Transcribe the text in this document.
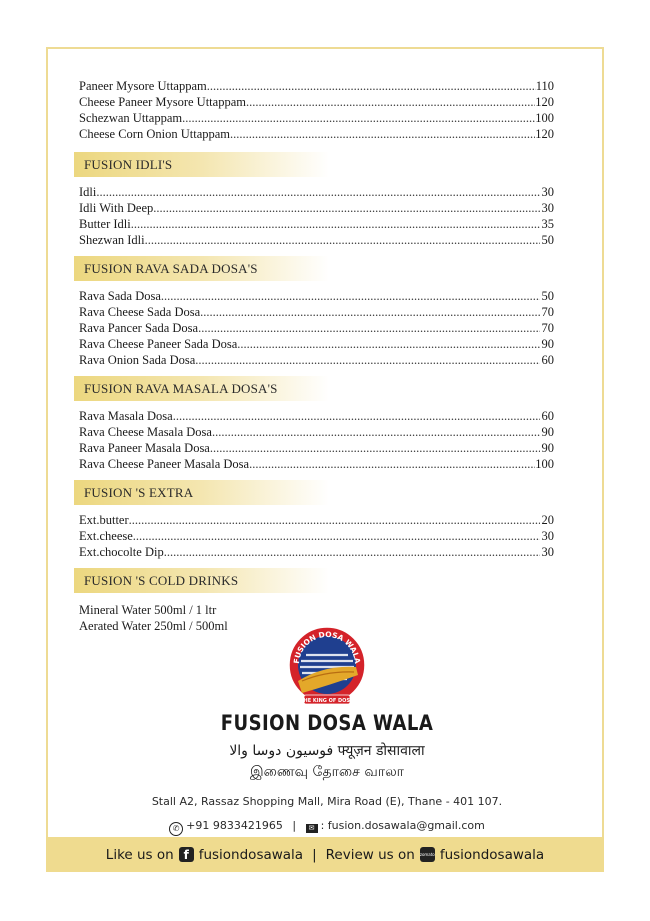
Paneer Mysore Uttappam .....	110
Cheese Paneer Mysore Uttappam .....	120
Schezwan Uttappam .....	100
Cheese Corn Onion Uttappam .....	120
FUSION IDLI'S
Idli .....	30
Idli With Deep .....	30
Butter Idli .....	35
Shezwan Idli .....	50
FUSION RAVA SADA DOSA'S
Rava Sada Dosa .....	50
Rava Cheese Sada Dosa .....	70
Rava Pancer Sada Dosa .....	70
Rava Cheese Paneer Sada Dosa .....	90
Rava Onion Sada Dosa .....	60
FUSION RAVA MASALA DOSA'S
Rava Masala Dosa .....	60
Rava Cheese Masala Dosa .....	90
Rava Paneer Masala Dosa .....	90
Rava Cheese Paneer Masala Dosa .....	100
FUSION 'S EXTRA
Ext.butter .....	20
Ext.cheese .....	30
Ext.chocolte Dip .....	30
FUSION 'S COLD DRINKS
Mineral Water 500ml / 1 ltr
Aerated Water 250ml / 500ml
FUSION DOSA WALA
THE KING OF DOSA
FUSION DOSA WALA
فوسیون دوسا والا फ्यूज़न डोसावाला
இணைவு தோசை வாலா
Stall A2, Rassaz Shopping Mall, Mira Road (E), Thane - 401 107.
✆ +91 9833421965 | ✉ : fusion.dosawala@gmail.com
Like us on f fusiondosawala | Review us on zomato fusiondosawala
